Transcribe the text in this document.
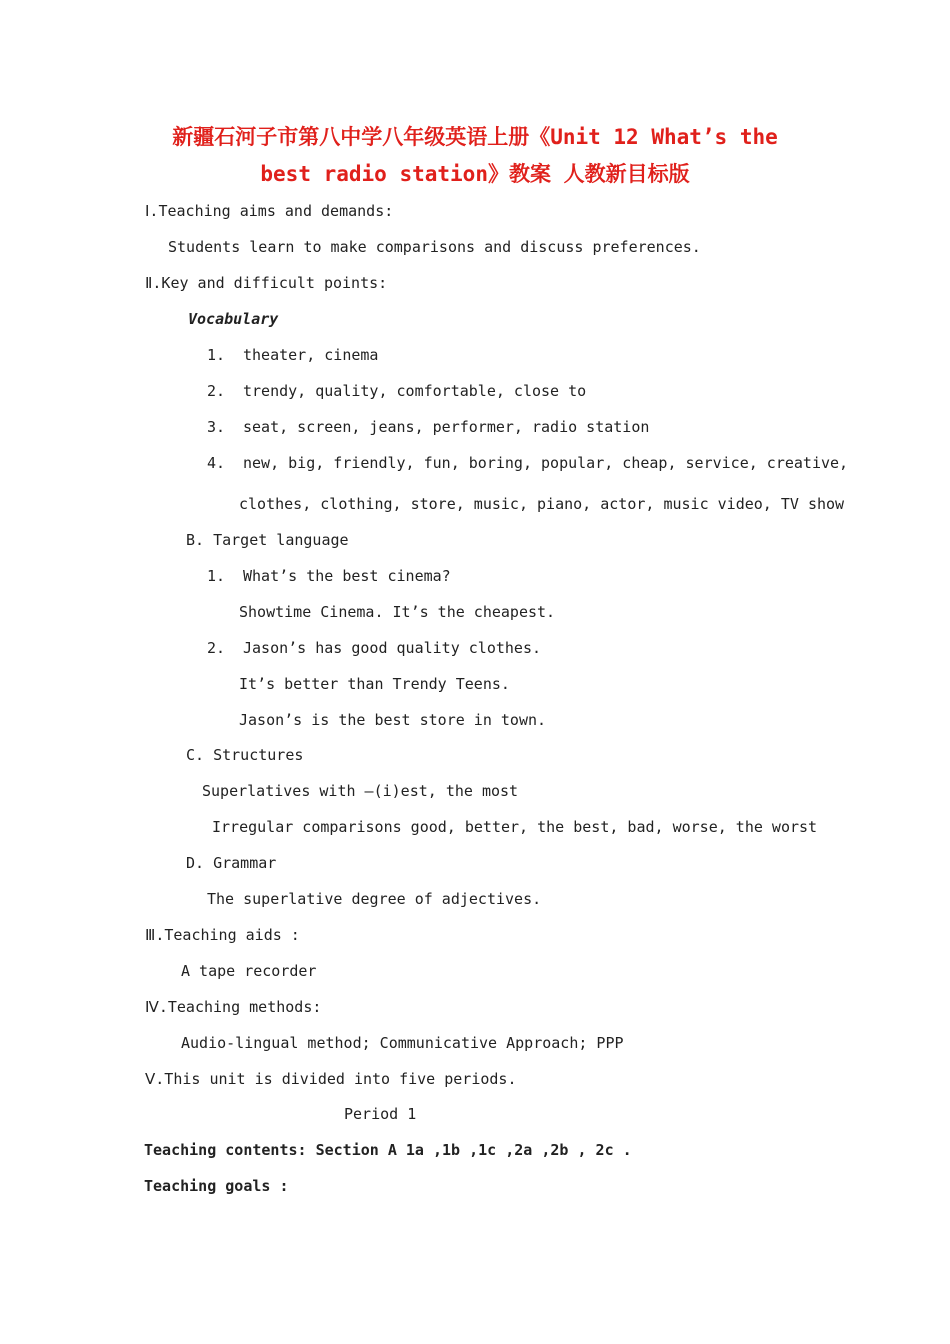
新疆石河子市第八中学八年级英语上册《Unit 12 What’s the
best radio station》教案 人教新目标版
Ⅰ.Teaching aims and demands:
Students learn to make comparisons and discuss preferences.
Ⅱ.Key and difficult points:
Vocabulary
1. theater, cinema
2. trendy, quality, comfortable, close to
3. seat, screen, jeans, performer, radio station
4. new, big, friendly, fun, boring, popular, cheap, service, creative,
clothes, clothing, store, music, piano, actor, music video, TV show
B. Target language
1. What’s the best cinema?
Showtime Cinema. It’s the cheapest.
2. Jason’s has good quality clothes.
It’s better than Trendy Teens.
Jason’s is the best store in town.
C. Structures
Superlatives with –(i)est, the most
Irregular comparisons good, better, the best, bad, worse, the worst
D. Grammar
The superlative degree of adjectives.
Ⅲ.Teaching aids :
A tape recorder
Ⅳ.Teaching methods:
Audio-lingual method; Communicative Approach; PPP
Ⅴ.This unit is divided into five periods.
Period 1
Teaching contents: Section A 1a ,1b ,1c ,2a ,2b , 2c .
Teaching goals :
